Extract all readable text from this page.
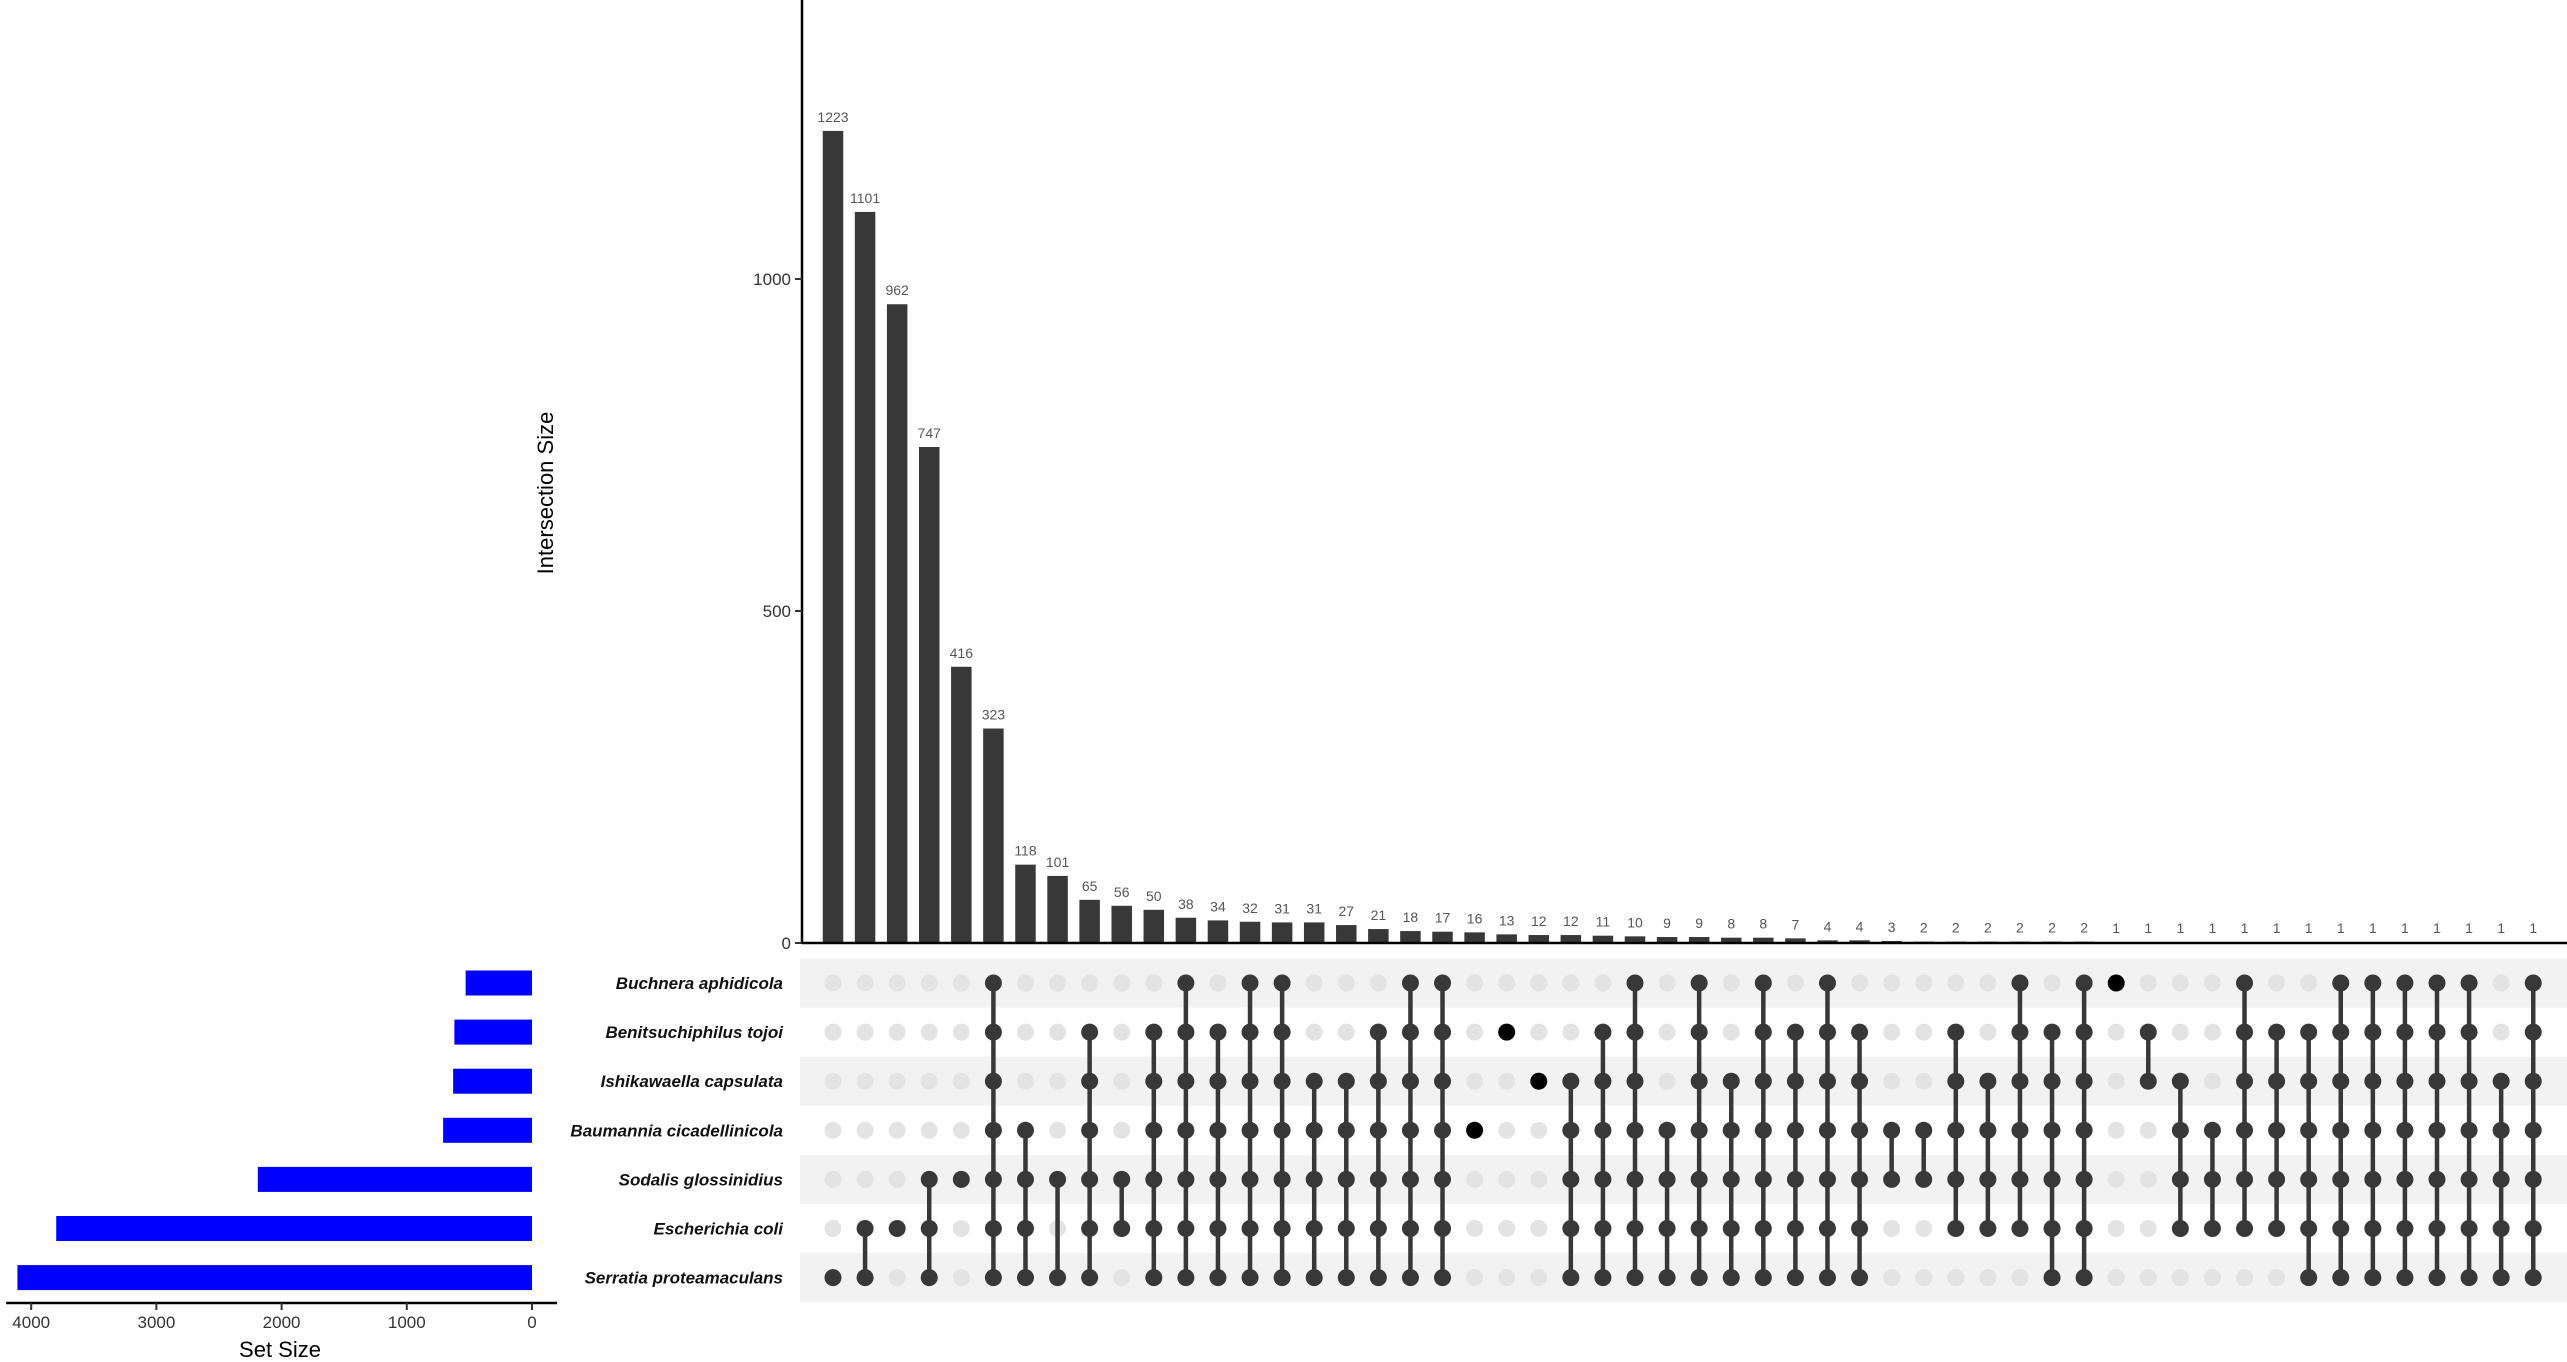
1223
1101
962
747
416
323
118
101
65 56 50 38 34 32 31 31 27 21 18 17 16 13 12 12 11 10 9 9 8 8 7 4 4 3 2 2 2 2 2 2 1 1 1 1 1 1 1 1 1 1 1 1 1 1
0
500
1000
Buchnera aphidicola
Benitsuchiphilus tojoi
Ishikawaella capsulata
Baumannia cicadellinicola
Sodalis glossinidius
Escherichia coli
Serratia proteamaculans
4000	3000	2000	1000	0
Intersection Size
Set Size
